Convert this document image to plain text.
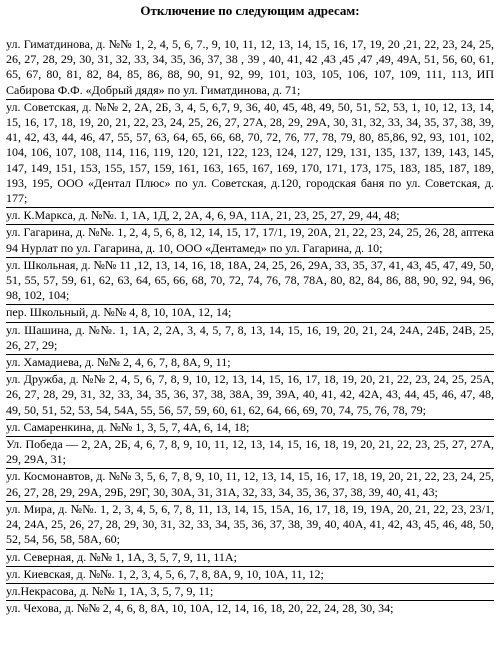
Отключение по следующим адресам:

ул. Гиматдинова, д. №№ 1, 2, 4, 5, 6, 7., 9, 10, 11, 12, 13, 14, 15, 16, 17, 19, 20 ,21, 22, 23, 24, 25, 26, 27, 28, 29, 30, 31, 32, 33, 34, 35, 36, 37, 38 , 39 , 40, 41, 42 ,43 ,45 ,47 ,49, 49А, 51, 56, 60, 61, 65, 67, 80, 81, 82, 84, 85, 86, 88, 90, 91, 92, 99, 101, 103, 105, 106, 107, 109, 111, 113, ИП Сабирова Ф.Ф. «Добрый дядя» по ул. Гиматдинова, д. 71;

ул. Советская, д. №№ 2, 2А, 2Б, 3, 4, 5, 6,7, 9, 36, 40, 45, 48, 49, 50, 51, 52, 53, 1, 10, 12, 13, 14, 15, 16, 17, 18, 19, 20, 21, 22, 23, 24, 25, 26, 27, 27А, 28, 29, 29А, 30, 31, 32, 33, 34, 35, 37, 38, 39, 41, 42, 43, 44, 46, 47, 55, 57, 63, 64, 65, 66, 68, 70, 72, 76, 77, 78, 79, 80, 85,86, 92, 93, 101, 102, 104, 106, 107, 108, 114, 116, 119, 120, 121, 122, 123, 124, 127, 129, 131, 135, 137, 139, 143, 145, 147, 149, 151, 153, 155, 157, 159, 161, 163, 165, 167, 169, 170, 171, 173, 175, 183, 185, 187, 189, 193, 195, ООО «Дентал Плюс» по ул. Советская, д.120, городская баня по ул. Советская, д. 177;

ул. К.Маркса, д. №№. 1, 1А, 1Д, 2, 2А, 4, 6, 9А, 11А, 21, 23, 25, 27, 29, 44, 48;

ул. Гагарина, д. №№. 1, 2, 4, 5, 6, 8, 12, 14, 15, 17, 17/1, 19, 20А, 21, 22, 23, 24, 25, 26, 28, аптека 94 Нурлат по ул. Гагарина, д. 10, ООО «Дентамед» по ул. Гагарина, д. 10;

ул. Школьная, д. №№ 11 ,12, 13, 14, 16, 18, 18А, 24, 25, 26, 29А, 33, 35, 37, 41, 43, 45, 47, 49, 50, 51, 55, 57, 59, 61, 62, 63, 64, 65, 66, 68, 70, 72, 74, 76, 78, 78А, 80, 82, 84, 86, 88, 90, 92, 94, 96, 98, 102, 104;

пер. Школьный, д. №№ 4, 8, 10, 10А, 12, 14;

ул. Шашина, д. №№. 1, 1А, 2, 2А, 3, 4, 5, 7, 8, 13, 14, 15, 16, 19, 20, 21, 24, 24А, 24Б, 24В, 25, 26, 27, 29;

ул. Хамадиева, д. №№ 2, 4, 6, 7, 8, 8А, 9, 11;

ул. Дружба, д. №№ 2, 4, 5, 6, 7, 8, 9, 10, 12, 13, 14, 15, 16, 17, 18, 19, 20, 21, 22, 23, 24, 25, 25А, 26, 27, 28, 29, 31, 32, 33, 34, 35, 36, 37, 38, 38А, 39, 39А, 40, 41, 42, 42А, 43, 44, 45, 46, 47, 48, 49, 50, 51, 52, 53, 54, 54А, 55, 56, 57, 59, 60, 61, 62, 64, 66, 69, 70, 74, 75, 76, 78, 79;

ул. Самаренкина, д. №№ 1, 3, 5, 7, 4А, 6, 14, 18;

Ул. Победа — 2, 2А, 2Б, 4, 6, 7, 8, 9, 10, 11, 12, 13, 14, 15, 16, 18, 19, 20, 21, 22, 23, 25, 27, 27А, 29, 29А, 31;

ул. Космонавтов, д. №№ 3, 5, 6, 7, 8, 9, 10, 11, 12, 13, 14, 15, 16, 17, 18, 19, 20, 21, 22, 23, 24, 25, 26, 27, 28, 29, 29А, 29Б, 29Г, 30, 30А, 31, 31А, 32, 33, 34, 35, 36, 37, 38, 39, 40, 41, 43;

ул. Мира, д. №№. 1, 2, 3, 4, 5, 6, 7, 8, 11, 13, 14, 15, 15А, 16, 17, 18, 19, 19А, 20, 21, 22, 23, 23/1, 24, 24А, 25, 26, 27, 28, 29, 30, 31, 32, 33, 34, 35, 36, 37, 38, 39, 40, 40А, 41, 42, 43, 45, 46, 48, 50, 52, 54, 56, 58, 58А, 60;

ул. Северная, д. №№ 1, 1А, 3, 5, 7, 9, 11, 11А;

ул. Киевская, д. №№. 1, 2, 3, 4, 5, 6, 7, 8, 8А, 9, 10, 10А, 11, 12;

ул.Некрасова, д. №№ 1, 1А, 3, 5, 7, 9, 11;

ул. Чехова, д. №№ 2, 4, 6, 8, 8А, 10, 10А, 12, 14, 16, 18, 20, 22, 24, 28, 30, 34;
